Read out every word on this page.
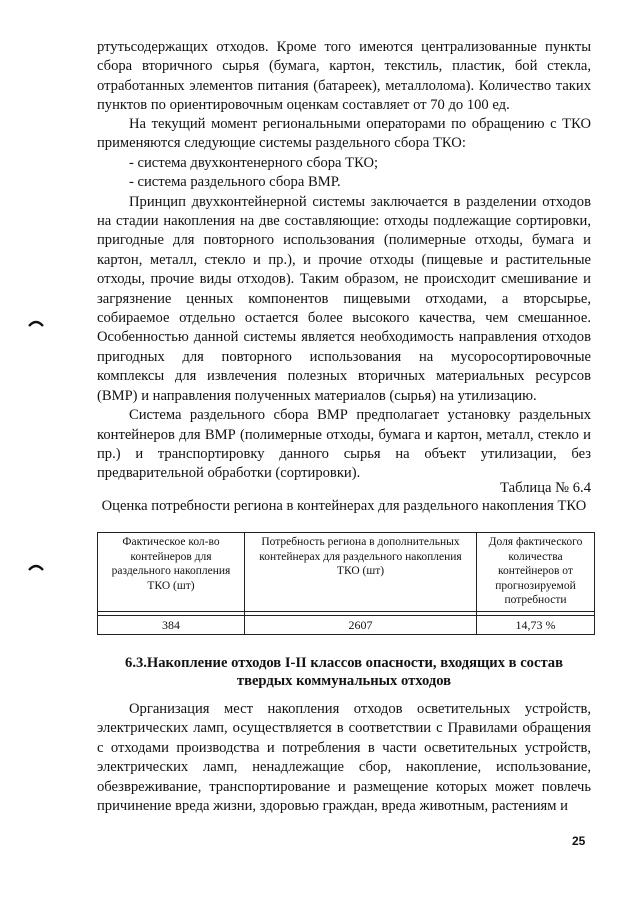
ртутьсодержащих отходов. Кроме того имеются централизованные пункты сбора вторичного сырья (бумага, картон, текстиль, пластик, бой стекла, отработанных элементов питания (батареек), металлолома). Количество таких пунктов по ориентировочным оценкам составляет от 70 до 100 ед.

На текущий момент региональными операторами по обращению с ТКО применяются следующие системы раздельного сбора ТКО:

- система двухконтенерного сбора ТКО;

- система раздельного сбора ВМР.

Принцип двухконтейнерной системы заключается в разделении отходов на стадии накопления на две составляющие: отходы подлежащие сортировки, пригодные для повторного использования (полимерные отходы, бумага и картон, металл, стекло и пр.), и прочие отходы (пищевые и растительные отходы, прочие виды отходов). Таким образом, не происходит смешивание и загрязнение ценных компонентов пищевыми отходами, а вторсырье, собираемое отдельно остается более высокого качества, чем смешанное. Особенностью данной системы является необходимость направления отходов пригодных для повторного использования на мусоросортировочные комплексы для извлечения полезных вторичных материальных ресурсов (ВМР) и направления полученных материалов (сырья) на утилизацию.

Система раздельного сбора ВМР предполагает установку раздельных контейнеров для ВМР (полимерные отходы, бумага и картон, металл, стекло и пр.) и транспортировку данного сырья на объект утилизации, без предварительной обработки (сортировки).

Таблица № 6.4
Оценка потребности региона в контейнерах для раздельного накопления ТКО
Фактическое кол-во контейнеров для раздельного накопления ТКО (шт)	Потребность региона в дополнительных контейнерах для раздельного накопления ТКО (шт)	Доля фактического количества контейнеров от прогнозируемой потребности

384	2607	14,73 %
6.3.Накопление отходов I-II классов опасности, входящих в состав твердых коммунальных отходов

Организация мест накопления отходов осветительных устройств, электрических ламп, осуществляется в соответствии с Правилами обращения с отходами производства и потребления в части осветительных устройств, электрических ламп, ненадлежащие сбор, накопление, использование, обезвреживание, транспортирование и размещение которых может повлечь причинение вреда жизни, здоровью граждан, вреда животным, растениям и

25
